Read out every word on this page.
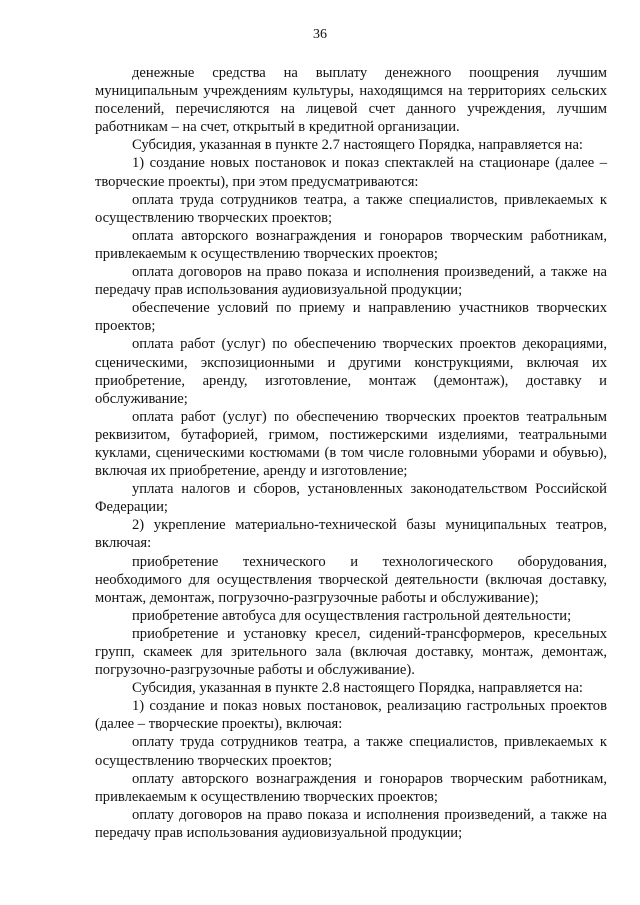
36

денежные средства на выплату денежного поощрения лучшим муниципальным учреждениям культуры, находящимся на территориях сельских поселений, перечисляются на лицевой счет данного учреждения, лучшим работникам – на счет, открытый в кредитной организации.

Субсидия, указанная в пункте 2.7 настоящего Порядка, направляется на:

1) создание новых постановок и показ спектаклей на стационаре (далее – творческие проекты), при этом предусматриваются:

оплата труда сотрудников театра, а также специалистов, привлекаемых к осуществлению творческих проектов;

оплата авторского вознаграждения и гонораров творческим работникам, привлекаемым к осуществлению творческих проектов;

оплата договоров на право показа и исполнения произведений, а также на передачу прав использования аудиовизуальной продукции;

обеспечение условий по приему и направлению участников творческих проектов;

оплата работ (услуг) по обеспечению творческих проектов декорациями, сценическими, экспозиционными и другими конструкциями, включая их приобретение, аренду, изготовление, монтаж (демонтаж), доставку и обслуживание;

оплата работ (услуг) по обеспечению творческих проектов театральным реквизитом, бутафорией, гримом, постижерскими изделиями, театральными куклами, сценическими костюмами (в том числе головными уборами и обувью), включая их приобретение, аренду и изготовление;

уплата налогов и сборов, установленных законодательством Российской Федерации;

2) укрепление материально-технической базы муниципальных театров, включая:

приобретение технического и технологического оборудования, необходимого для осуществления творческой деятельности (включая доставку, монтаж, демонтаж, погрузочно-разгрузочные работы и обслуживание);

приобретение автобуса для осуществления гастрольной деятельности;

приобретение и установку кресел, сидений-трансформеров, кресельных групп, скамеек для зрительного зала (включая доставку, монтаж, демонтаж, погрузочно-разгрузочные работы и обслуживание).

Субсидия, указанная в пункте 2.8 настоящего Порядка, направляется на:

1) создание и показ новых постановок, реализацию гастрольных проектов (далее – творческие проекты), включая:

оплату труда сотрудников театра, а также специалистов, привлекаемых к осуществлению творческих проектов;

оплату авторского вознаграждения и гонораров творческим работникам, привлекаемым к осуществлению творческих проектов;

оплату договоров на право показа и исполнения произведений, а также на передачу прав использования аудиовизуальной продукции;
